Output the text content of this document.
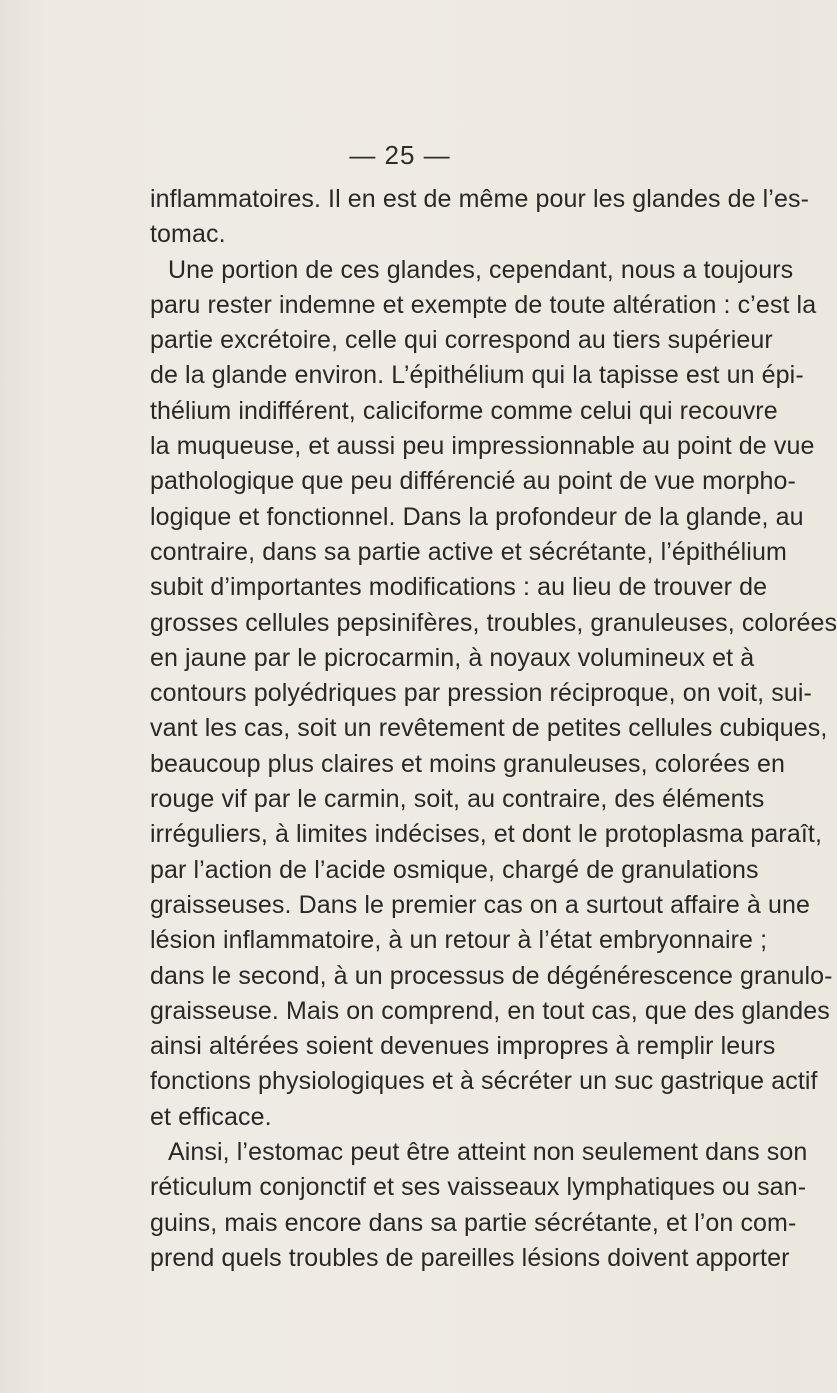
— 25 —
inflammatoires. Il en est de même pour les glandes de l’es-
tomac.
Une portion de ces glandes, cependant, nous a toujours
paru rester indemne et exempte de toute altération : c’est la
partie excrétoire, celle qui correspond au tiers supérieur
de la glande environ. L’épithélium qui la tapisse est un épi-
thélium indifférent, caliciforme comme celui qui recouvre
la muqueuse, et aussi peu impressionnable au point de vue
pathologique que peu différencié au point de vue morpho-
logique et fonctionnel. Dans la profondeur de la glande, au
contraire, dans sa partie active et sécrétante, l’épithélium
subit d’importantes modifications : au lieu de trouver de
grosses cellules pepsinifères, troubles, granuleuses, colorées
en jaune par le picrocarmin, à noyaux volumineux et à
contours polyédriques par pression réciproque, on voit, sui-
vant les cas, soit un revêtement de petites cellules cubiques,
beaucoup plus claires et moins granuleuses, colorées en
rouge vif par le carmin, soit, au contraire, des éléments
irréguliers, à limites indécises, et dont le protoplasma paraît,
par l’action de l’acide osmique, chargé de granulations
graisseuses. Dans le premier cas on a surtout affaire à une
lésion inflammatoire, à un retour à l’état embryonnaire ;
dans le second, à un processus de dégénérescence granulo-
graisseuse. Mais on comprend, en tout cas, que des glandes
ainsi altérées soient devenues impropres à remplir leurs
fonctions physiologiques et à sécréter un suc gastrique actif
et efficace.
Ainsi, l’estomac peut être atteint non seulement dans son
réticulum conjonctif et ses vaisseaux lymphatiques ou san-
guins, mais encore dans sa partie sécrétante, et l’on com-
prend quels troubles de pareilles lésions doivent apporter
